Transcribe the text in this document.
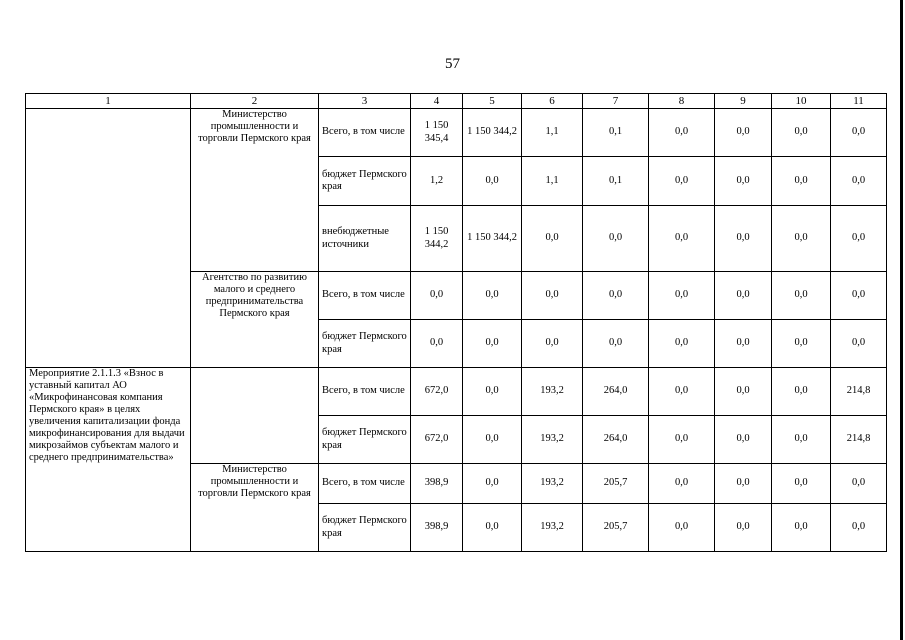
57
1	2	3	4	5	6	7	8	9	10	11
	Министерство промышленности и торговли Пермского края	Всего, в том числе	1 150 345,4	1 150 344,2	1,1	0,1	0,0	0,0	0,0	0,0
		бюджет Пермского края	1,2	0,0	1,1	0,1	0,0	0,0	0,0	0,0
		внебюджетные источники	1 150 344,2	1 150 344,2	0,0	0,0	0,0	0,0	0,0	0,0
	Агентство по развитию малого и среднего предпринимательства Пермского края	Всего, в том числе	0,0	0,0	0,0	0,0	0,0	0,0	0,0	0,0
		бюджет Пермского края	0,0	0,0	0,0	0,0	0,0	0,0	0,0	0,0
Мероприятие 2.1.1.3 «Взнос в уставный капитал АО «Микрофинансовая компания Пермского края» в целях увеличения капитализации фонда микрофинансирования для выдачи микрозаймов субъектам малого и среднего предпринимательства»		Всего, в том числе	672,0	0,0	193,2	264,0	0,0	0,0	0,0	214,8
		бюджет Пермского края	672,0	0,0	193,2	264,0	0,0	0,0	0,0	214,8
	Министерство промышленности и торговли Пермского края	Всего, в том числе	398,9	0,0	193,2	205,7	0,0	0,0	0,0	0,0
		бюджет Пермского края	398,9	0,0	193,2	205,7	0,0	0,0	0,0	0,0
